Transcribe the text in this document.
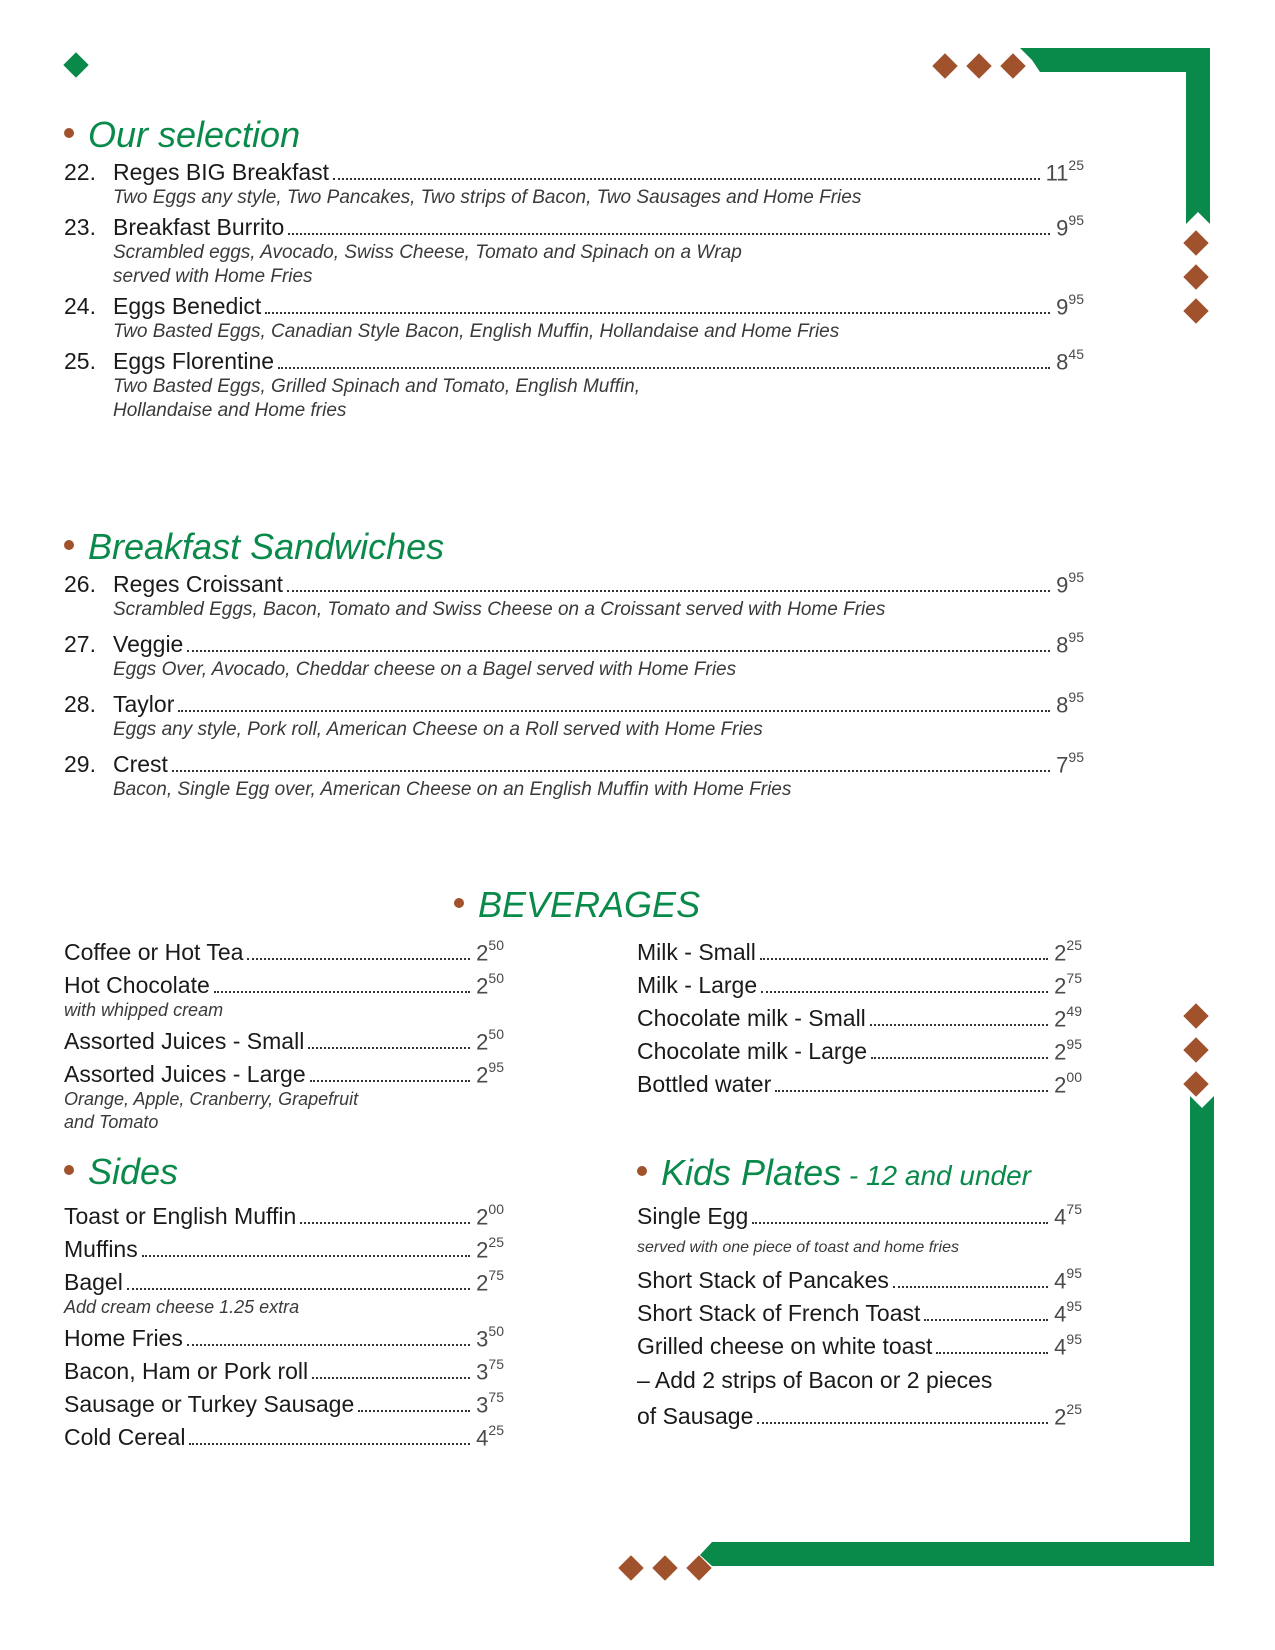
Our selection
22. Reges BIG Breakfast	$11^{25}$
Two Eggs any style, Two Pancakes, Two strips of Bacon, Two Sausages and Home Fries
23. Breakfast Burrito	$9^{95}$
Scrambled eggs, Avocado, Swiss Cheese, Tomato and Spinach on a Wrap
served with Home Fries
24. Eggs Benedict	$9^{95}$
Two Basted Eggs, Canadian Style Bacon, English Muffin, Hollandaise and Home Fries
25. Eggs Florentine	$8^{45}$
Two Basted Eggs, Grilled Spinach and Tomato, English Muffin,
Hollandaise and Home fries
Breakfast Sandwiches
26. Reges Croissant	$9^{95}$
Scrambled Eggs, Bacon, Tomato and Swiss Cheese on a Croissant served with Home Fries
27. Veggie	$8^{95}$
Eggs Over, Avocado, Cheddar cheese on a Bagel served with Home Fries
28. Taylor	$8^{95}$
Eggs any style, Pork roll, American Cheese on a Roll served with Home Fries
29. Crest	$7^{95}$
Bacon, Single Egg over, American Cheese on an English Muffin with Home Fries
BEVERAGES
Coffee or Hot Tea	$2^{50}$
Hot Chocolate	$2^{50}$
with whipped cream
Assorted Juices - Small	$2^{50}$
Assorted Juices - Large	$2^{95}$
Orange, Apple, Cranberry, Grapefruit
and Tomato
Milk - Small	$2^{25}$
Milk - Large	$2^{75}$
Chocolate milk - Small	$2^{49}$
Chocolate milk - Large	$2^{95}$
Bottled water	$2^{00}$
Sides
Toast or English Muffin	$2^{00}$
Muffins	$2^{25}$
Bagel	$2^{75}$
Add cream cheese 1.25 extra
Home Fries	$3^{50}$
Bacon, Ham or Pork roll	$3^{75}$
Sausage or Turkey Sausage	$3^{75}$
Cold Cereal	$4^{25}$
Kids Plates - 12 and under
Single Egg	$4^{75}$
served with one piece of toast and home fries
Short Stack of Pancakes	$4^{95}$
Short Stack of French Toast	$4^{95}$
Grilled cheese on white toast	$4^{95}$
– Add 2 strips of Bacon or 2 pieces
of Sausage	$2^{25}$
